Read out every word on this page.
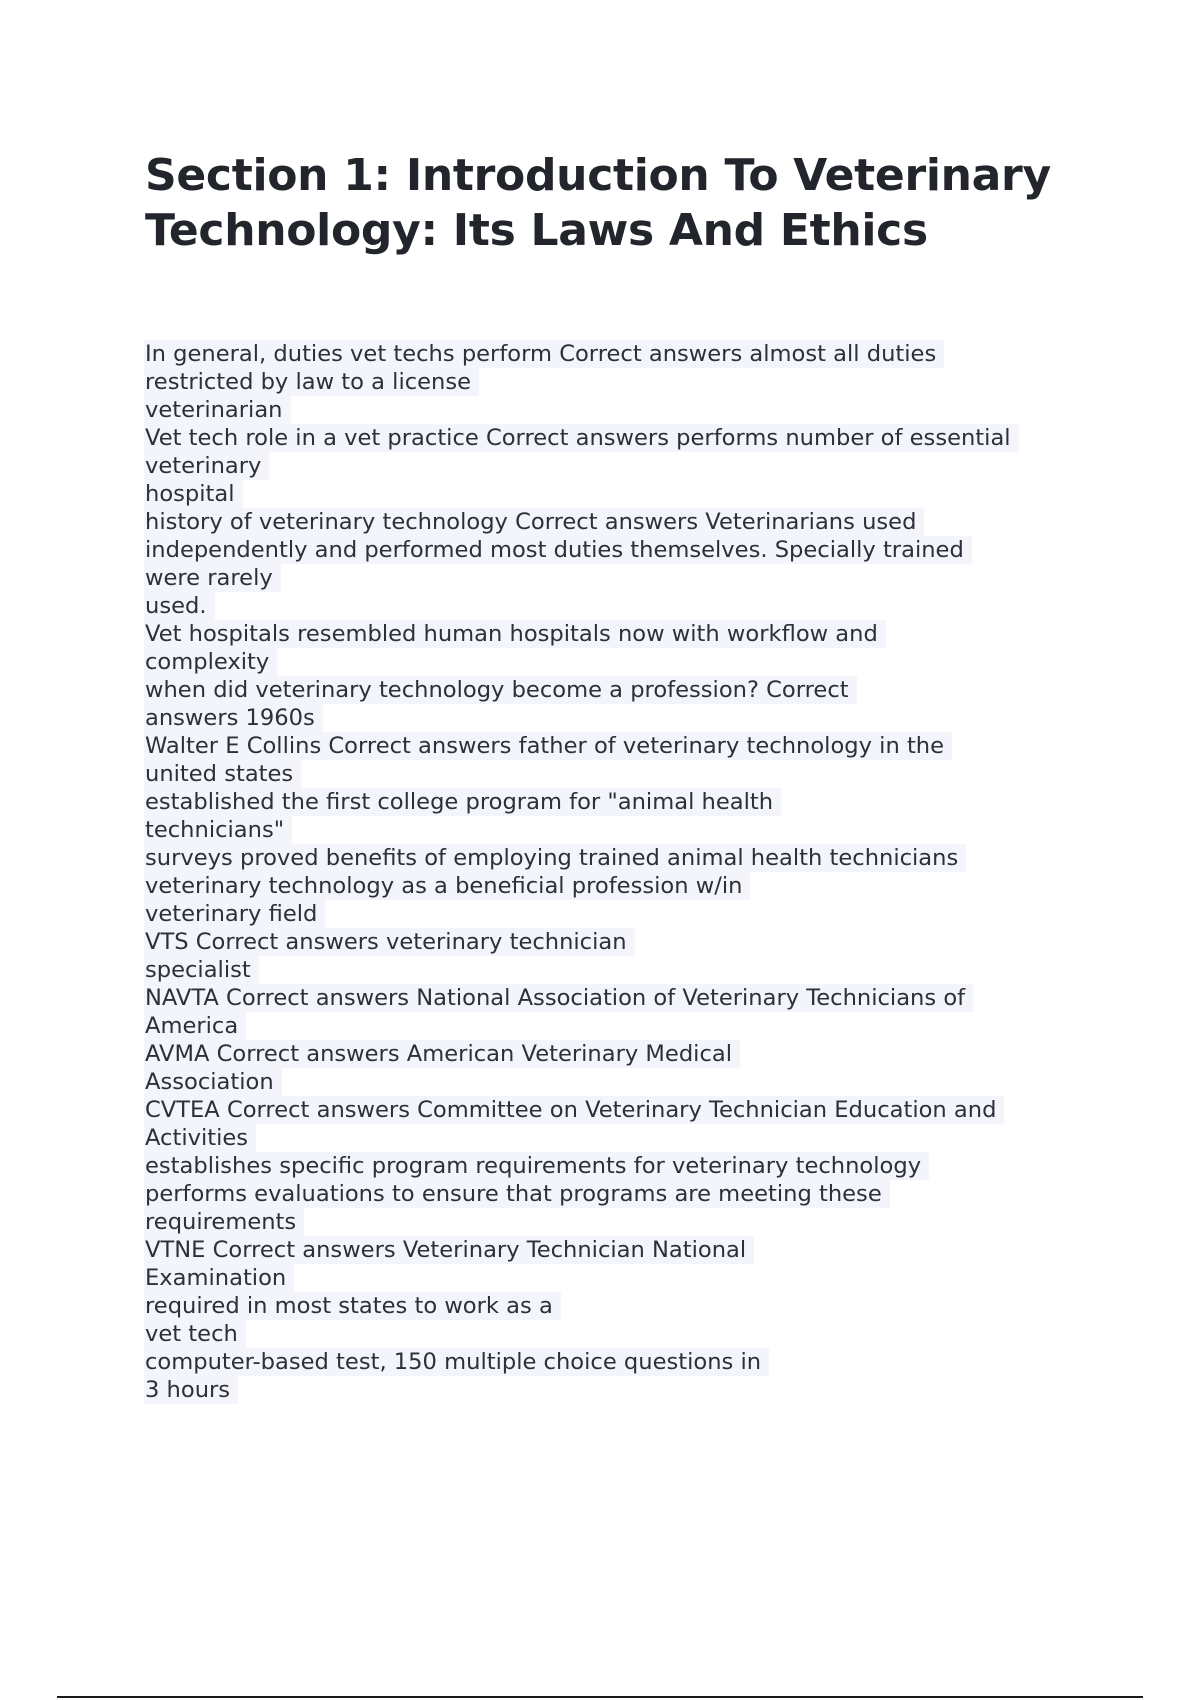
Section 1: Introduction To Veterinary
Technology: Its Laws And Ethics
In general, duties vet techs perform Correct answers almost all duties
restricted by law to a license
veterinarian
Vet tech role in a vet practice Correct answers performs number of essential
veterinary
hospital
history of veterinary technology Correct answers Veterinarians used
independently and performed most duties themselves. Specially trained
were rarely
used.
Vet hospitals resembled human hospitals now with workflow and
complexity
when did veterinary technology become a profession? Correct
answers 1960s
Walter E Collins Correct answers father of veterinary technology in the
united states
established the first college program for "animal health
technicians"
surveys proved benefits of employing trained animal health technicians
veterinary technology as a beneficial profession w/in
veterinary field
VTS Correct answers veterinary technician
specialist
NAVTA Correct answers National Association of Veterinary Technicians of
America
AVMA Correct answers American Veterinary Medical
Association
CVTEA Correct answers Committee on Veterinary Technician Education and
Activities
establishes specific program requirements for veterinary technology
performs evaluations to ensure that programs are meeting these
requirements
VTNE Correct answers Veterinary Technician National
Examination
required in most states to work as a
vet tech
computer-based test, 150 multiple choice questions in
3 hours
